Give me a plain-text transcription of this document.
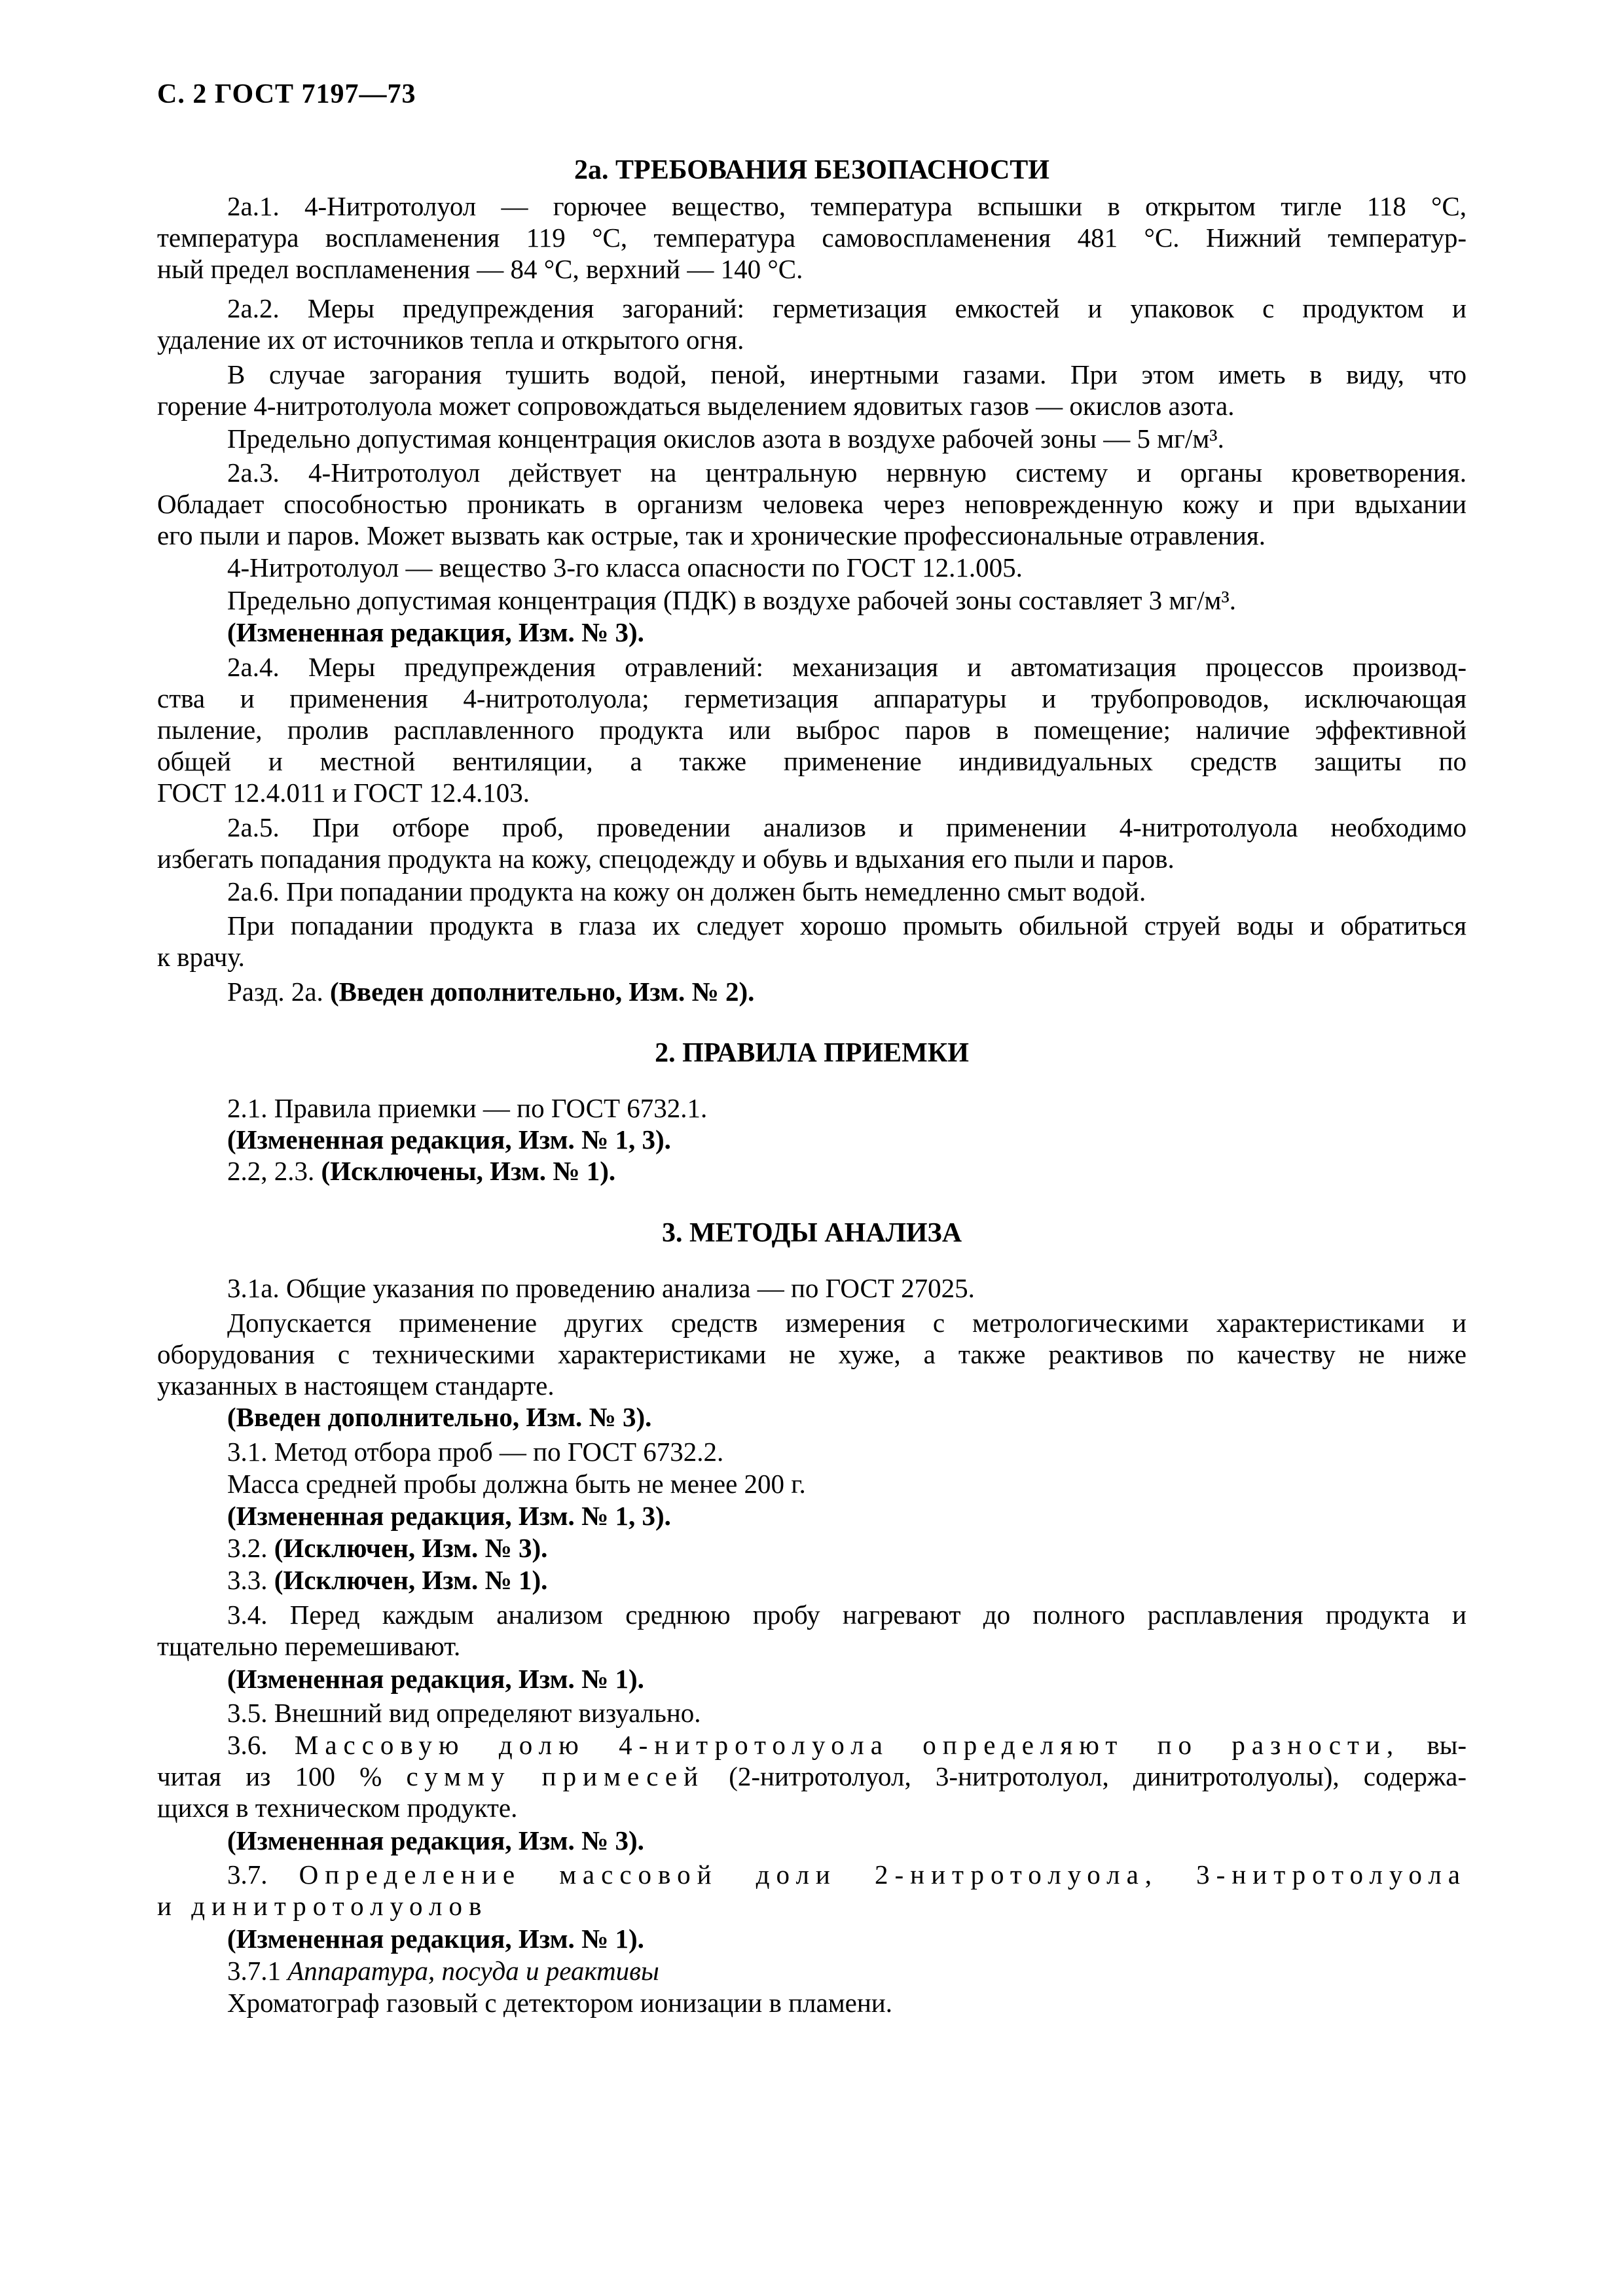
С. 2 ГОСТ 7197—73
2а. ТРЕБОВАНИЯ БЕЗОПАСНОСТИ
2а.1. 4-Нитротолуол — горючее вещество, температура вспышки в открытом тигле 118 °С,
температура воспламенения 119 °С, температура самовоспламенения 481 °С. Нижний температур-
ный предел воспламенения — 84 °С, верхний — 140 °С.
2а.2. Меры предупреждения загораний: герметизация емкостей и упаковок с продуктом и
удаление их от источников тепла и открытого огня.
В случае загорания тушить водой, пеной, инертными газами. При этом иметь в виду, что
горение 4-нитротолуола может сопровождаться выделением ядовитых газов — окислов азота.
Предельно допустимая концентрация окислов азота в воздухе рабочей зоны — 5 мг/м³.
2а.3. 4-Нитротолуол действует на центральную нервную систему и органы кроветворения.
Обладает способностью проникать в организм человека через неповрежденную кожу и при вдыхании
его пыли и паров. Может вызвать как острые, так и хронические профессиональные отравления.
4-Нитротолуол — вещество 3-го класса опасности по ГОСТ 12.1.005.
Предельно допустимая концентрация (ПДК) в воздухе рабочей зоны составляет 3 мг/м³.
(Измененная редакция, Изм. № 3).
2а.4. Меры предупреждения отравлений: механизация и автоматизация процессов производ-
ства и применения 4-нитротолуола; герметизация аппаратуры и трубопроводов, исключающая
пыление, пролив расплавленного продукта или выброс паров в помещение; наличие эффективной
общей и местной вентиляции, а также применение индивидуальных средств защиты по
ГОСТ 12.4.011 и ГОСТ 12.4.103.
2а.5. При отборе проб, проведении анализов и применении 4-нитротолуола необходимо
избегать попадания продукта на кожу, спецодежду и обувь и вдыхания его пыли и паров.
2а.6. При попадании продукта на кожу он должен быть немедленно смыт водой.
При попадании продукта в глаза их следует хорошо промыть обильной струей воды и обратиться
к врачу.
Разд. 2а. (Введен дополнительно, Изм. № 2).
2. ПРАВИЛА ПРИЕМКИ
2.1. Правила приемки — по ГОСТ 6732.1.
(Измененная редакция, Изм. № 1, 3).
2.2, 2.3. (Исключены, Изм. № 1).
3. МЕТОДЫ АНАЛИЗА
3.1а. Общие указания по проведению анализа — по ГОСТ 27025.
Допускается применение других средств измерения с метрологическими характеристиками и
оборудования с техническими характеристиками не хуже, а также реактивов по качеству не ниже
указанных в настоящем стандарте.
(Введен дополнительно, Изм. № 3).
3.1. Метод отбора проб — по ГОСТ 6732.2.
Масса средней пробы должна быть не менее 200 г.
(Измененная редакция, Изм. № 1, 3).
3.2. (Исключен, Изм. № 3).
3.3. (Исключен, Изм. № 1).
3.4. Перед каждым анализом среднюю пробу нагревают до полного расплавления продукта и
тщательно перемешивают.
(Измененная редакция, Изм. № 1).
3.5. Внешний вид определяют визуально.
3.6. Массовую долю 4-нитротолуола определяют по разности, вы-
читая из 100 % сумму примесей (2-нитротолуол, 3-нитротолуол, динитротолуолы), содержа-
щихся в техническом продукте.
(Измененная редакция, Изм. № 3).
3.7. Определение массовой доли 2-нитротолуола, 3-нитротолуола
и динитротолуолов
(Измененная редакция, Изм. № 1).
3.7.1 Аппаратура, посуда и реактивы
Хроматограф газовый с детектором ионизации в пламени.
